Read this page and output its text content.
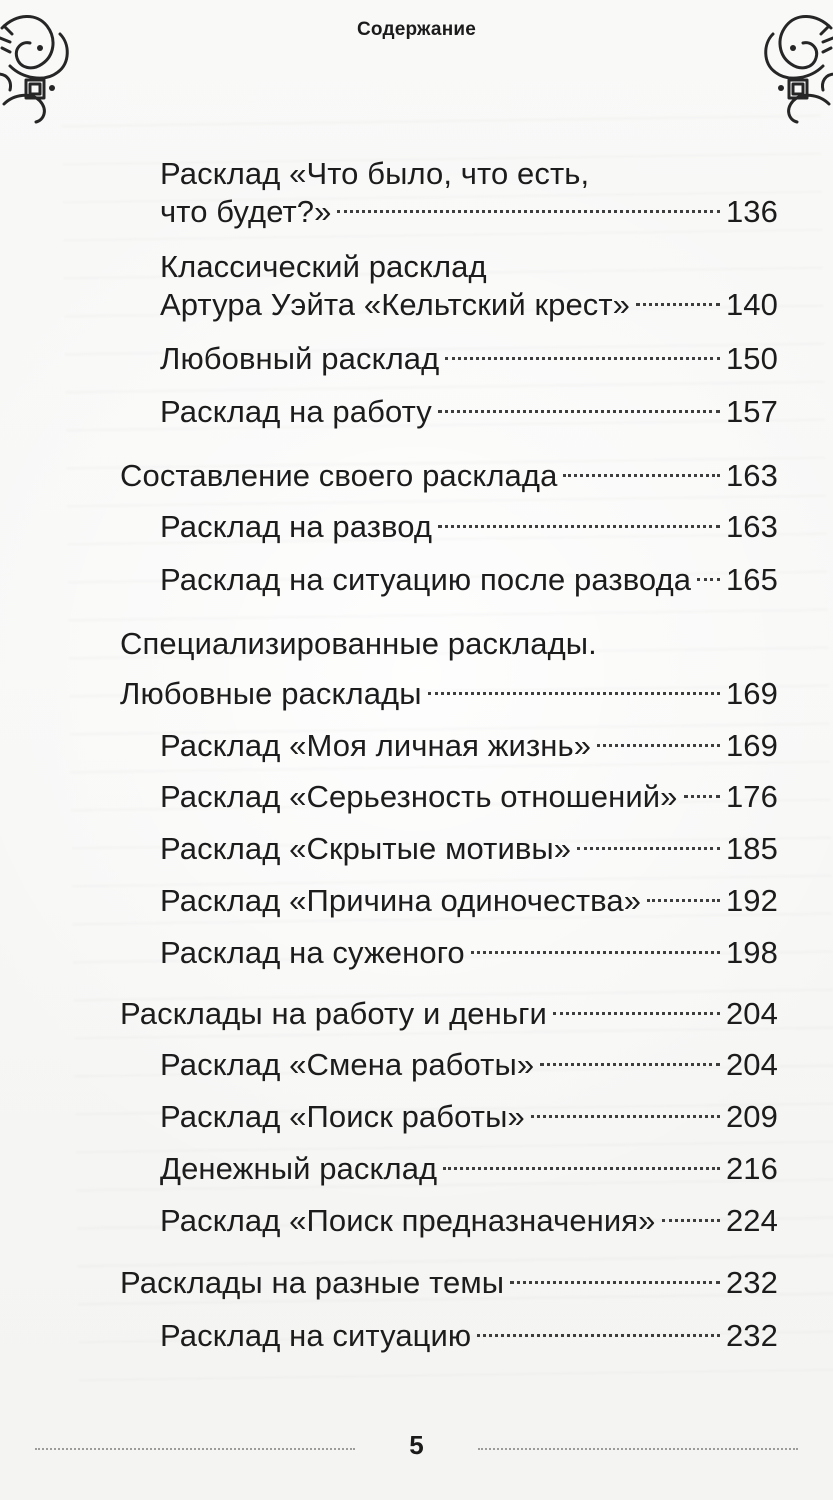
Содержание
Расклад «Что было, что есть,
что будет?»	136
Классический расклад
Артура Уэйта «Кельтский крест»	140
Любовный расклад	150
Расклад на работу	157
Составление своего расклада	163
Расклад на развод	163
Расклад на ситуацию после развода 165
Специализированные расклады.
Любовные расклады	169
Расклад «Моя личная жизнь»	169
Расклад «Серьезность отношений» 176
Расклад «Скрытые мотивы»	185
Расклад «Причина одиночества»	192
Расклад на суженого	198
Расклады на работу и деньги	204
Расклад «Смена работы»	204
Расклад «Поиск работы»	209
Денежный расклад	216
Расклад «Поиск предназначения» 224
Расклады на разные темы	232
Расклад на ситуацию	232
5
